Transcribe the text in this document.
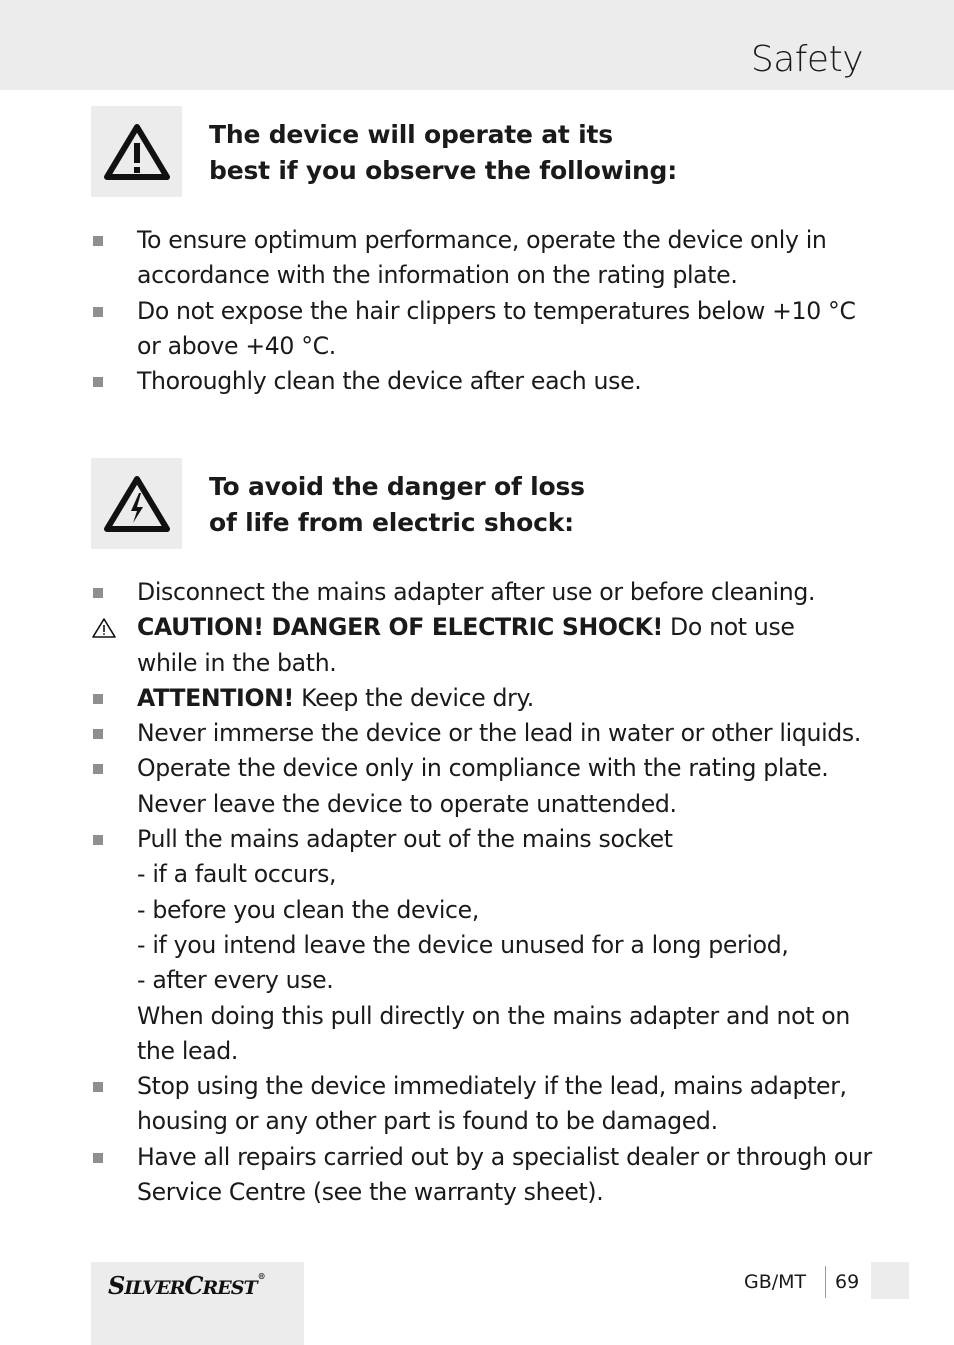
Safety
The device will operate at its
best if you observe the following:
To ensure optimum performance, operate the device only in
accordance with the information on the rating plate.
Do not expose the hair clippers to temperatures below +10 °C
or above +40 °C.
Thoroughly clean the device after each use.
To avoid the danger of loss
of life from electric shock:
Disconnect the mains adapter after use or before cleaning.
CAUTION! DANGER OF ELECTRIC SHOCK! Do not use
while in the bath.
ATTENTION! Keep the device dry.
Never immerse the device or the lead in water or other liquids.
Operate the device only in compliance with the rating plate.
Never leave the device to operate unattended.
Pull the mains adapter out of the mains socket
- if a fault occurs,
- before you clean the device,
- if you intend leave the device unused for a long period,
- after every use.
When doing this pull directly on the mains adapter and not on
the lead.
Stop using the device immediately if the lead, mains adapter,
housing or any other part is found to be damaged.
Have all repairs carried out by a specialist dealer or through our
Service Centre (see the warranty sheet).
SILVERCREST®	GB/MT 69
